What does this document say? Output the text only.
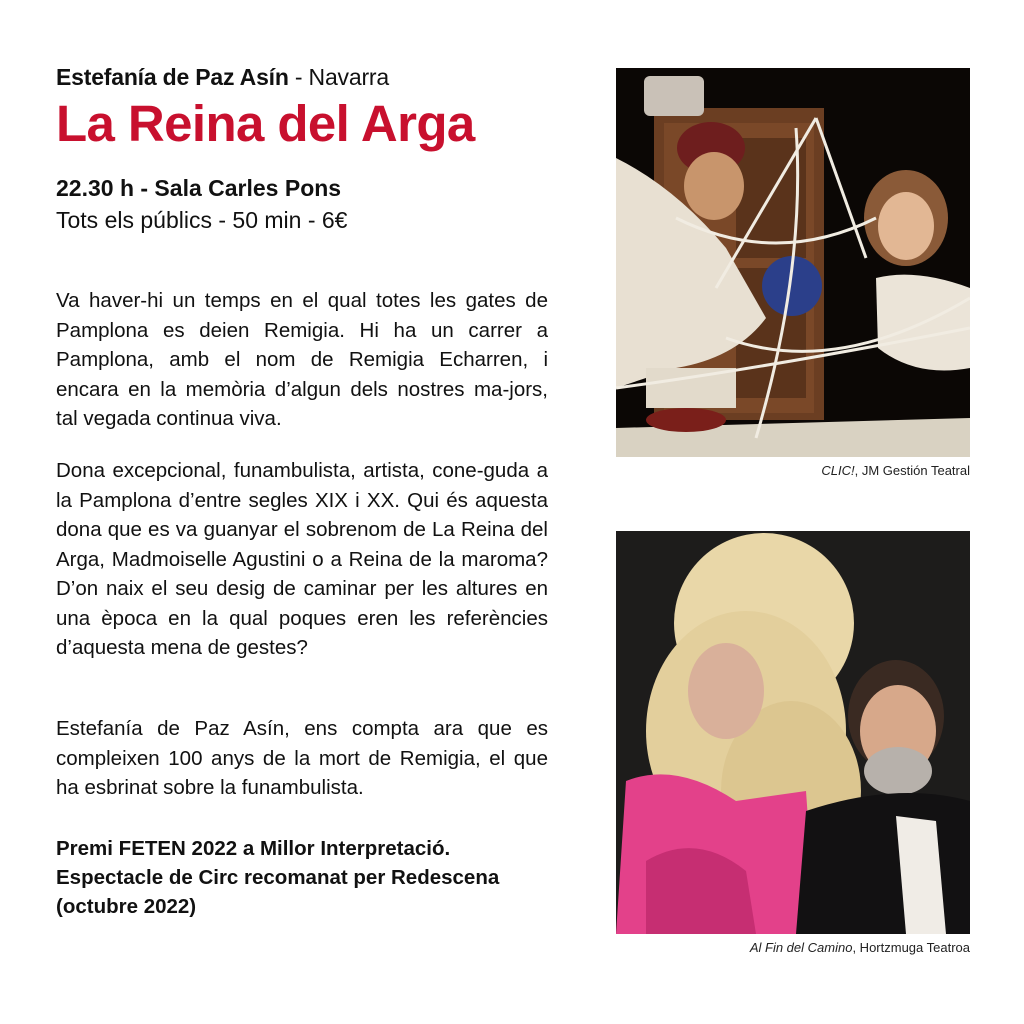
Estefanía de Paz Asín - Navarra
La Reina del Arga
22.30 h - Sala Carles Pons
Tots els públics - 50 min - 6€
Va haver-hi un temps en el qual totes les gates de Pamplona es deien Remigia. Hi ha un carrer a Pamplona, amb el nom de Remigia Echarren, i encara en la memòria d’algun dels nostres ma-jors, tal vegada continua viva.
Dona excepcional, funambulista, artista, cone-guda a la Pamplona d’entre segles XIX i XX. Qui és aquesta dona que es va guanyar el sobrenom de La Reina del Arga, Madmoiselle Agustini o a Reina de la maroma? D’on naix el seu desig de caminar per les altures en una època en la qual poques eren les referències d’aquesta mena de gestes?
Estefanía de Paz Asín, ens compta ara que es compleixen 100 anys de la mort de Remigia, el que ha esbrinat sobre la funambulista.
Premi FETEN 2022 a Millor Interpretació.
Espectacle de Circ recomanat per Redescena
(octubre 2022)
CLIC!, JM Gestión Teatral
Al Fin del Camino, Hortzmuga Teatroa
